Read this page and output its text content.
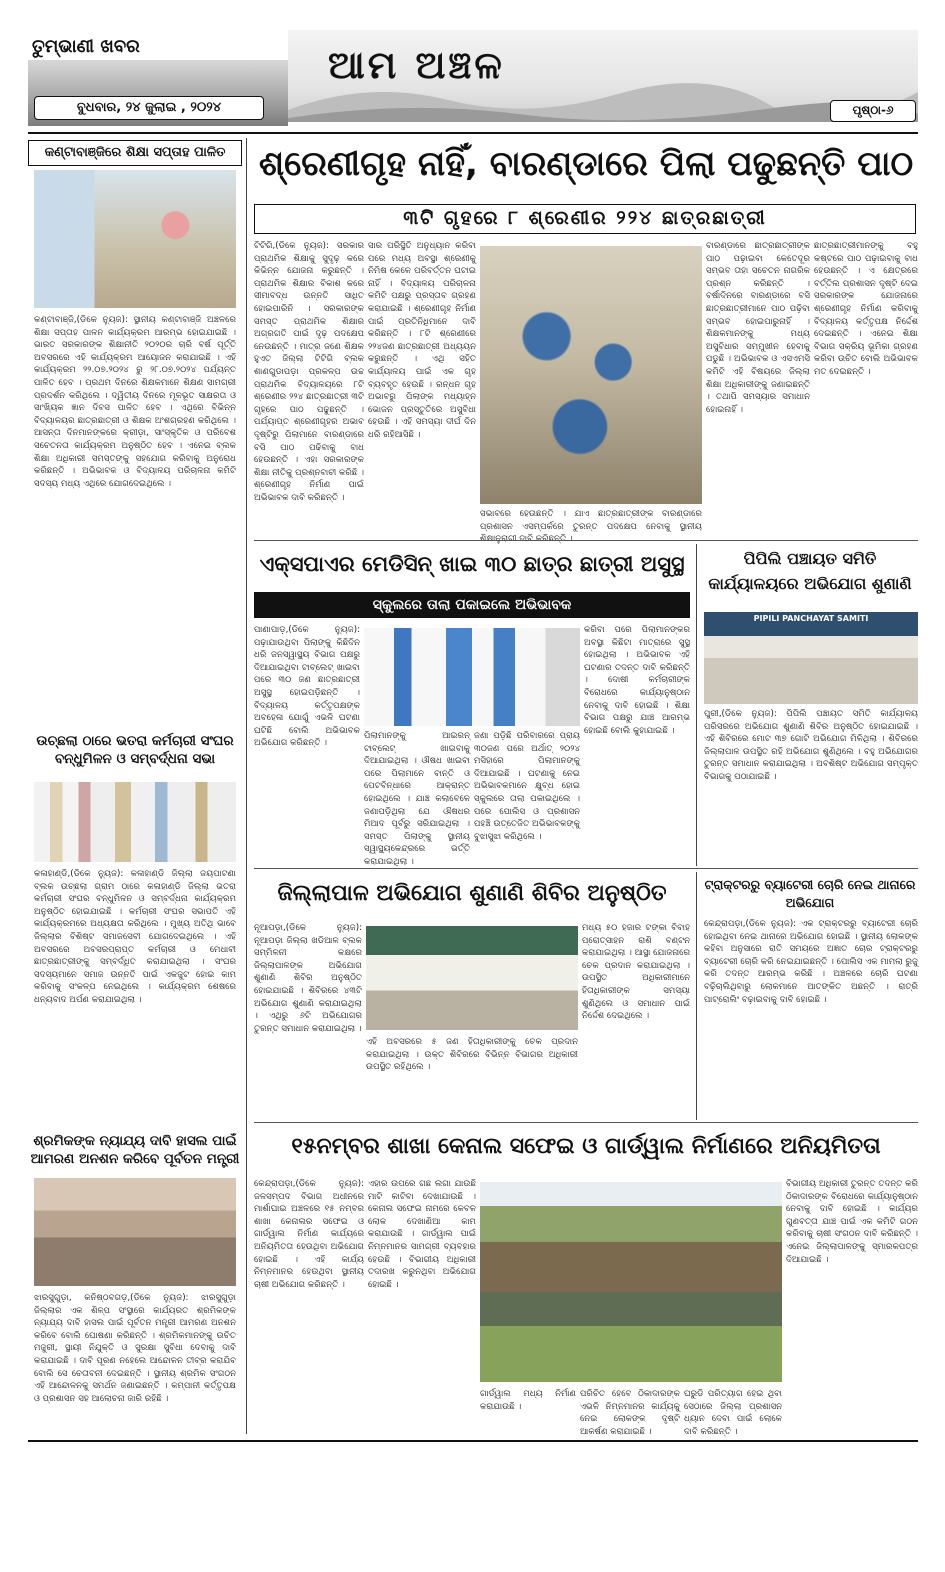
ତୁମ୍ଭାଣୀ ଖବର
ବୁଧବାର, ୨୪ ଜୁଲାଇ , ୨୦୨୪
ଆମ ଅଞ୍ଚଳ
ପୃଷ୍ଠା-୬
କଣ୍ଟାବାଞ୍ଜିରେ ଶିକ୍ଷା ସପ୍ତାହ ପାଳିତ
କଣ୍ଟାବାଞ୍ଜି,(ଡିକେ ନ୍ୟୁଜ): ସ୍ଥାନୀୟ କଣ୍ଟାବାଞ୍ଜି ଅଞ୍ଚଳରେ ଶିକ୍ଷା ସପ୍ତାହ ପାଳନ କାର୍ଯ୍ୟକ୍ରମ ଆରମ୍ଭ ହୋଇଯାଇଛି । ଭାରତ ସରକାରଙ୍କ ଶିକ୍ଷାନୀତି ୨୦୨୦ର ଚାରି ବର୍ଷ ପୂର୍ତ୍ତି ଅବସରରେ ଏହି କାର୍ଯ୍ୟକ୍ରମ ଆୟୋଜନ କରାଯାଇଛି । ଏହି କାର୍ଯ୍ୟକ୍ରମ ୨୨.୦୭.୨୦୨୪ ରୁ ୨୮.୦୭.୨୦୨୪ ପର୍ଯ୍ୟନ୍ତ ପାଳିତ ହେବ । ପ୍ରଥମ ଦିନରେ ଶିକ୍ଷକମାନେ ଶିକ୍ଷଣ ସାମଗ୍ରୀ ପ୍ରଦର୍ଶନ କରିଥିଲେ । ଦ୍ୱିତୀୟ ଦିନରେ ମୂଳଭୂତ ସାକ୍ଷରତା ଓ ସାଂଖ୍ୟିକ ଜ୍ଞାନ ଦିବସ ପାଳିତ ହେବ । ଏଥିରେ ବିଭିନ୍ନ ବିଦ୍ୟାଳୟର ଛାତ୍ରଛାତ୍ରୀ ଓ ଶିକ୍ଷକ ଅଂଶଗ୍ରହଣ କରିଥିଲେ । ଆସନ୍ତା ଦିନମାନଙ୍କରେ କ୍ରୀଡ଼ା, ସାଂସ୍କୃତିକ ଓ ପରିବେଶ ସଚେତନତା କାର୍ଯ୍ୟକ୍ରମ ଅନୁଷ୍ଠିତ ହେବ । ଏନେଇ ବ୍ଲକ ଶିକ୍ଷା ଅଧିକାରୀ ସମସ୍ତଙ୍କୁ ସହଯୋଗ କରିବାକୁ ଅନୁରୋଧ କରିଛନ୍ତି । ଅଭିଭାବକ ଓ ବିଦ୍ୟାଳୟ ପରିଚାଳନା କମିଟି ସଦସ୍ୟ ମଧ୍ୟ ଏଥିରେ ଯୋଗଦେଇଥିଲେ ।
ଉଚ୍ଛଲା ଠାରେ ଭତରା କର୍ମଚାରୀ ସଂଘର ବନ୍ଧୁମିଳନ ଓ ସମ୍ବର୍ଦ୍ଧନା ସଭା
କଳାହାଣ୍ଡି,(ଡିକେ ନ୍ୟୁଜ): କଳାହାଣ୍ଡି ଜିଲ୍ଲା ଜୟପାଟଣା ବ୍ଲକ ଉଚ୍ଛଲା ଗ୍ରାମ ଠାରେ କଳାହାଣ୍ଡି ଜିଲ୍ଲା ଭତରା କର୍ମଚାରୀ ସଂଘର ବନ୍ଧୁମିଳନ ଓ ସମ୍ବର୍ଦ୍ଧନା କାର୍ଯ୍ୟକ୍ରମ ଅନୁଷ୍ଠିତ ହୋଇଯାଇଛି । କର୍ମଚାରୀ ସଂଘର ସଭାପତି ଏହି କାର୍ଯ୍ୟକ୍ରମରେ ଅଧ୍ୟକ୍ଷତା କରିଥିଲେ । ମୁଖ୍ୟ ଅତିଥି ଭାବେ ଜିଲ୍ଲାର ବିଶିଷ୍ଟ ସମାଜସେବୀ ଯୋଗଦେଇଥିଲେ । ଏହି ଅବସରରେ ଅବସରପ୍ରାପ୍ତ କର୍ମଚାରୀ ଓ ମେଧାବୀ ଛାତ୍ରଛାତ୍ରୀଙ୍କୁ ସମ୍ବର୍ଦ୍ଧିତ କରାଯାଇଥିଲା । ସଂଘର ସଦସ୍ୟମାନେ ସମାଜ ଉନ୍ନତି ପାଇଁ ଏକଜୁଟ ହୋଇ କାମ କରିବାକୁ ସଂକଳ୍ପ ନେଇଥିଲେ । କାର୍ଯ୍ୟକ୍ରମ ଶେଷରେ ଧନ୍ୟବାଦ ଅର୍ପଣ କରାଯାଇଥିଲା ।
ଶ୍ରମିକଙ୍କ ନ୍ୟାଯ୍ୟ ଦାବି ହାସଲ ପାଇଁ ଆମରଣ ଅନଶନ କରିବେ ପୂର୍ବତନ ମନ୍ତ୍ରୀ
ଝାରସୁଗୁଡ଼ା, କନିଷ୍ଠବଗଡ଼,(ଡିକେ ନ୍ୟୁଜ): ଝାରସୁଗୁଡ଼ା ଜିଲ୍ଲାର ଏକ ଶିଳ୍ପ ସଂସ୍ଥାରେ କାର୍ଯ୍ୟରତ ଶ୍ରମିକଙ୍କ ନ୍ୟାଯ୍ୟ ଦାବି ହାସଲ ପାଇଁ ପୂର୍ବତନ ମନ୍ତ୍ରୀ ଆମରଣ ଅନଶନ କରିବେ ବୋଲି ଘୋଷଣା କରିଛନ୍ତି । ଶ୍ରମିକମାନଙ୍କୁ ଉଚିତ ମଜୁରୀ, ସ୍ଥାୟୀ ନିଯୁକ୍ତି ଓ ସୁରକ୍ଷା ସୁବିଧା ଦେବାକୁ ଦାବି କରାଯାଇଛି । ଦାବି ପୂରଣ ନହେଲେ ଆନ୍ଦୋଳନ ତୀବ୍ର କରାଯିବ ବୋଲି ସେ ଚେତାବନୀ ଦେଇଛନ୍ତି । ସ୍ଥାନୀୟ ଶ୍ରମିକ ସଂଗଠନ ଏହି ଆନ୍ଦୋଳନକୁ ସମର୍ଥନ ଜଣାଇଛନ୍ତି । କମ୍ପାନୀ କର୍ତ୍ତୃପକ୍ଷ ଓ ପ୍ରଶାସନ ସହ ଆଲୋଚନା ଜାରି ରହିଛି ।
ଶ୍ରେଣୀଗୃହ ନାହିଁ, ବାରଣ୍ଡାରେ ପିଲା ପଢୁଛନ୍ତି ପାଠ
୩ଟି ଗୃହରେ ୮ ଶ୍ରେଣୀର ୨୨୪ ଛାତ୍ରଛାତ୍ରୀ
ଟିଟିଗି,(ଡିକେ ନ୍ୟୁଜ): ସରକାର ପ୍ରାଥମିକ ଶିକ୍ଷାକୁ ସୁଦୃଢ଼ କରେ କିଭିନ୍ନ ଯୋଜନା କରୁଛନ୍ତି । ପ୍ରାଥମିକ ଶିକ୍ଷାର ବିକାଶ କରେ ସୀମାବଦ୍ଧ ଉନ୍ନତି ସାଧିତ ହୋଇପାରିନି । ସରକାରଙ୍କ ସମସ୍ତ ପ୍ରାଥମିକ ଶିକ୍ଷାର ଅଗ୍ରଗତି ପାଇଁ ଦୃଢ଼ ପଦକ୍ଷେପ ନେଉଛନ୍ତି । ମାତ୍ର ଜଣେ ଶିକ୍ଷକ ହୁଏତ ଜିଲ୍ଲା ଟିଟିଗି ବ୍ଲକ ଶାଣଗୁଡାପଡ଼ା ପ୍ରକଳ୍ପ ଉଚ୍ଚ ପ୍ରାଥମିକ ବିଦ୍ୟାଳୟରେ ୮ଟି ଶ୍ରେଣୀର ୨୨୪ ଛାତ୍ରଛାତ୍ରୀ ୩ଟି ଗୃହରେ ପାଠ ପଢୁଛନ୍ତି । ପର୍ଯ୍ୟାପ୍ତ ଶ୍ରେଣୀଗୃହର ଅଭାବ ଦୃଷ୍ଟିରୁ ପିଲାମାନେ ବାରଣ୍ଡାରେ ବସି ପାଠ ପଢିବାକୁ ବାଧ ହେଉଛନ୍ତି । ଏହା ସରକାରଙ୍କ ଶିକ୍ଷା ନୀତିକୁ ପ୍ରଶ୍ନବାଚୀ କରିଛି । ଶ୍ରେଣୀଗୃହ ନିର୍ମାଣ ପାଇଁ ଅଭିଭାବକ ଦାବି କରିଛନ୍ତି ।
ସାର ପରିସ୍ଥିତି ଅନୁଧ୍ୟାନ କରିବା ପରେ ମଧ୍ୟ ଅବସ୍ଥା ଶ୍ରେଣୀକୁ ନିମିଷ କେଳେ ପରିବର୍ତ୍ତନ ଘଟାଇ ନାହିଁ । ବିଦ୍ୟାଳୟ ପରିଚାଳନା କମିଟି ପକ୍ଷରୁ ପ୍ରସ୍ତାବ ଗ୍ରହଣ କରାଯାଇଛି । ଶ୍ରେଣୀଗୃହ ନିର୍ମାଣ ପାଇଁ ପ୍ରତିନିଧିମାନେ ଦାବି କରିଛନ୍ତି । ୮ଟି ଶ୍ରେଣୀରେ ୨୨୪ଜଣ ଛାତ୍ରଛାତ୍ରୀ ଅଧ୍ୟୟନ କରୁଛନ୍ତି । ଏଥି ସହିତ କାର୍ଯ୍ୟାଳୟ ପାଇଁ ଏକ ଗୃହ ବ୍ୟବହୃତ ହେଉଛି । ରନ୍ଧନ ଗୃହ ଅଭାବରୁ ପିଲାଙ୍କ ମଧ୍ୟାହ୍ନ ଭୋଜନ ପ୍ରସ୍ତୁତିରେ ଅସୁବିଧା ହେଉଛି । ଏହି ସମସ୍ୟା ଦୀର୍ଘ ଦିନ ଧରି ରହିଆସିଛି ।
ସଭାବରେ ହେଉଛନ୍ତି । ଯାଏ ଛାତ୍ରଛାତ୍ରୀଙ୍କ ବାରଣ୍ଡାରେ ପ୍ରଶାସନ ଏସମ୍ପର୍କରେ ତୁରନ୍ତ ପଦକ୍ଷେପ ନେବାକୁ ସ୍ଥାନୀୟ
ବାରଣ୍ଡାରେ ଛାତ୍ରଛାତ୍ରୀଙ୍କ ପାଠ ପଢ଼ାଇବା କେତେଦୂର ସମ୍ଭବ ତାହା ସଚେତନ ନାଗରିକ ପ୍ରଶ୍ନ କରିଛନ୍ତି । ବର୍ଷାଦିନରେ ବାରଣ୍ଡାରେ ବସି ଛାତ୍ରଛାତ୍ରୀମାନେ ପାଠ ପଢ଼ିବା ସମ୍ଭବ ହୋଇପାରୁନାହିଁ । ଶିକ୍ଷକମାନଙ୍କୁ ମଧ୍ୟ ଅସୁବିଧାର ସମ୍ମୁଖୀନ ହେବାକୁ ପଡୁଛି । ଅଭିଭାବକ ଓ ଏସଏମସି କମିଟି ଏହି ବିଷୟରେ ଜିଲ୍ଲା ଶିକ୍ଷା ଅଧିକାରୀଙ୍କୁ ଜଣାଇଛନ୍ତି । ତଥାପି ସମସ୍ୟାର ସମାଧାନ ହୋଇନାହିଁ ।
ଛାତ୍ରଛାତ୍ରୀମାନଙ୍କୁ ବହୁ କଷ୍ଟରେ ପାଠ ପଢ଼ାଇବାକୁ ବାଧ ହେଉଛନ୍ତି । ଏ କ୍ଷେତ୍ରରେ ବର୍ତ୍ତିଲ ପ୍ରଶାସନ ଦୃଷ୍ଟି ଦେଇ ସରକାରଙ୍କ ଯୋଜନାରେ ଶ୍ରେଣୀଗୃହ ନିର୍ମାଣ କରିବାକୁ ବିଦ୍ୟାଳୟ କର୍ତ୍ତୃପକ୍ଷ ନିର୍ଦ୍ଦେଶ ଦେଇଛନ୍ତି । ଏନେଇ ଶିକ୍ଷା ବିଭାଗ ସକ୍ରିୟ ଭୂମିକା ଗ୍ରହଣ କରିବା ଉଚିତ ବୋଲି ଅଭିଭାବକ ମତ ଦେଇଛନ୍ତି ।
ଏକ୍ସପାଏର ମେଡିସିନ୍ ଖାଇ ୩୦ ଛାତ୍ର ଛାତ୍ରୀ ଅସୁସ୍ଥ
ସ୍କୁଲରେ ତାଲା ପକାଇଲେ ଅଭିଭାବକ
ପାଣାପାଡ଼,(ଡିକେ ନ୍ୟୁଜ): ପଢ଼ାଯାଉଥିବା ପିଲାଙ୍କୁ କିଛିଦିନ ଧରି ଜନସ୍ୱାସ୍ଥ୍ୟ ବିଭାଗ ପକ୍ଷରୁ ଦିଆଯାଇଥିବା ଟାବ୍ଲେଟ୍ ଖାଇବା ପରେ ୩୦ ଜଣ ଛାତ୍ରଛାତ୍ରୀ ଅସୁସ୍ଥ ହୋଇପଡ଼ିଛନ୍ତି । ବିଦ୍ୟାଳୟ କର୍ତ୍ତୃପକ୍ଷଙ୍କ ଅବହେଳା ଯୋଗୁଁ ଏଭଳି ଘଟଣା ଘଟିଛି ବୋଲି ଅଭିଭାବକ ଅଭିଯୋଗ କରିଛନ୍ତି ।
ପିଲାମାନଙ୍କୁ ଆଇରନ୍ ଟାବ୍ଲେଟ୍ ଖାଇବାକୁ ଦିଆଯାଇଥିଲା । ଔଷଧ ଖାଇବା ପରେ ପିଲାମାନେ ବାନ୍ତି ଓ ପେଟବିନ୍ଧାରେ ଆକ୍ରାନ୍ତ ହୋଇଥିଲେ । ଯାଞ୍ଚ କଲାବେଳେ ଜଣାପଡ଼ିଥିଲା ଯେ ଔଷଧର ମିଆଦ ପୂର୍ବରୁ ସରିଯାଇଥିଲା । ସମସ୍ତ ପିଲାଙ୍କୁ ସ୍ଥାନୀୟ ସ୍ୱାସ୍ଥ୍ୟକେନ୍ଦ୍ରରେ ଭର୍ତ୍ତି କରାଯାଇଥିଲା ।
ଜଣା ପଡ଼ିଛି ପରିବାରରେ ପ୍ରାୟ ୩୦ଜଣ ପରେ ଅର୍ଥାତ୍ ୨୦୨୪ ମସିହାରେ ପିଲାମାନଙ୍କୁ ଦିଆଯାଇଛି । ଘଟଣାକୁ ନେଇ ଅଭିଭାବକମାନେ କ୍ଷୁବ୍ଧ ହୋଇ ସ୍କୁଲରେ ତାଲା ପକାଇଥିଲେ । ପରେ ପୋଲିସ ଓ ପ୍ରଶାସନ ପହଞ୍ଚି ଉତ୍ତେଜିତ ଅଭିଭାବକଙ୍କୁ ବୁଝାସୁଝା କରିଥିଲେ ।
କରିବା ପରେ ପିଲାମାନଙ୍କର ଅବସ୍ଥା କିଛିଟା ମାତ୍ରାରେ ସୁସ୍ଥ ହୋଇଥିଲା । ଅଭିଭାବକ ଏହି ଘଟଣାର ତଦନ୍ତ ଦାବି କରିଛନ୍ତି । ଦୋଷୀ କର୍ମଚାରୀଙ୍କ ବିରୋଧରେ କାର୍ଯ୍ୟାନୁଷ୍ଠାନ ନେବାକୁ ଦାବି ହୋଇଛି । ଶିକ୍ଷା ବିଭାଗ ପକ୍ଷରୁ ଯାଞ୍ଚ ଆରମ୍ଭ ହୋଇଛି ବୋଲି କୁହାଯାଇଛି ।
ପିପିଲି ପଞ୍ଚାୟତ ସମିତି କାର୍ଯ୍ୟାଳୟରେ ଅଭିଯୋଗ ଶୁଣାଣି
PIPILI PANCHAYAT SAMITI
ପୁରୀ,(ଡିକେ ନ୍ୟୁଜ): ପିପିଲି ପଞ୍ଚାୟତ ସମିତି କାର୍ଯ୍ୟାଳୟ ପରିସରରେ ଅଭିଯୋଗ ଶୁଣାଣି ଶିବିର ଅନୁଷ୍ଠିତ ହୋଇଯାଇଛି । ଏହି ଶିବିରରେ ମୋଟ ୩୭ ଗୋଟି ଅଭିଯୋଗ ମିଳିଥିଲା । ଶିବିରରେ ଜିଲ୍ଲାପାଳ ଉପସ୍ଥିତ ରହି ଅଭିଯୋଗ ଶୁଣିଥିଲେ । ବହୁ ଅଭିଯୋଗର ତୁରନ୍ତ ସମାଧାନ କରାଯାଇଥିଲା । ଅବଶିଷ୍ଟ ଅଭିଯୋଗ ସମ୍ପୃକ୍ତ ବିଭାଗକୁ ପଠାଯାଇଛି ।
ଜିଲ୍ଲାପାଳ ଅଭିଯୋଗ ଶୁଣାଣି ଶିବିର ଅନୁଷ୍ଠିତ
ନୂଆପଡ଼ା,(ଡିକେ ନ୍ୟୁଜ): ନୂଆପଡ଼ା ଜିଲ୍ଲା ଖଡିଆଳ ବ୍ଲକ ସମ୍ମିଳନୀ କକ୍ଷରେ ଜିଲ୍ଲାପାଳଙ୍କ ଅଭିଯୋଗ ଶୁଣାଣି ଶିବିର ଅନୁଷ୍ଠିତ ହୋଇଯାଇଛି । ଶିବିରରେ ୪୩ଟି ଅଭିଯୋଗ ଶୁଣାଣି କରାଯାଇଥିଲା । ଏଥିରୁ ୬ଟି ଅଭିଯୋଗର ତୁରନ୍ତ ସମାଧାନ କରାଯାଇଥିଲା ।
ଏହି ଅବସରରେ ୫ ଜଣ ହିତାଧିକାରୀଙ୍କୁ ଚେକ ପ୍ରଦାନ କରାଯାଇଥିଲା । ଉକ୍ତ ଶିବିରରେ ବିଭିନ୍ନ ବିଭାଗର ଅଧିକାରୀ ଉପସ୍ଥିତ ରହିଥିଲେ ।
ମଧ୍ୟ ୫୦ ହଜାର ଟଙ୍କା ବିବାହ ପ୍ରୋତ୍ସାହନ ରାଶି ବଣ୍ଟନ କରାଯାଇଥିଲା । ଆସ୍ଥା ଯୋଜନାରେ ଚେକ ପ୍ରଦାନ କରାଯାଇଥିଲା । ଉପସ୍ଥିତ ଅଧିକାରୀମାନେ ହିତାଧିକାରୀଙ୍କ ସମସ୍ୟା ଶୁଣିଥିଲେ ଓ ସମାଧାନ ପାଇଁ ନିର୍ଦ୍ଦେଶ ଦେଇଥିଲେ ।
ଟ୍ରାକ୍ଟରରୁ ବ୍ୟାଟେରୀ ଚୋରି ନେଇ ଥାନାରେ ଅଭିଯୋଗ
କେନ୍ଦ୍ରାପଡ଼ା,(ଡିକେ ନ୍ୟୁଜ): ଏକ ଟ୍ରାକ୍ଟରରୁ ବ୍ୟାଟେରୀ ଚୋରି ହୋଇଥିବା ନେଇ ଥାନାରେ ଅଭିଯୋଗ ହୋଇଛି । ସ୍ଥାନୀୟ ଲୋକଙ୍କ କହିବା ଅନୁସାରେ ରାତି ସମୟରେ ଅଜ୍ଞାତ ଚୋର ଟ୍ରାକ୍ଟରରୁ ବ୍ୟାଟେରୀ ଚୋରି କରି ନେଇଯାଇଛନ୍ତି । ପୋଲିସ ଏକ ମାମଲା ରୁଜୁ କରି ତଦନ୍ତ ଆରମ୍ଭ କରିଛି । ଅଞ୍ଚଳରେ ଚୋରି ଘଟଣା ବଢ଼ିଚାଲିଥିବାରୁ ଲୋକମାନେ ଆତଙ୍କିତ ଅଛନ୍ତି । ରାତ୍ରି ପାଟ୍ରୋଲିଂ ବଢ଼ାଇବାକୁ ଦାବି ହୋଇଛି ।
୧୫ନମ୍ବର ଶାଖା କେନାଲ ସଫେଇ ଓ ଗାର୍ଡ୍‌ୱାଲ ନିର୍ମାଣରେ ଅନିୟମିତତା
କେନ୍ଦ୍ରାପଡ଼ା,(ଡିକେ ନ୍ୟୁଜ): ଜଳସମ୍ପଦ ବିଭାଗ ଅଧୀନରେ ମାର୍ଶାଘାଇ ଅଞ୍ଚଳରେ ୧୫ ନମ୍ବର ଶାଖା କେନାଲର ସଫେଇ ଓ ଗାର୍ଡ୍‌ୱାଲ ନିର୍ମାଣ କାର୍ଯ୍ୟରେ ଅନିୟମିତତା ହେଉଥିବା ଅଭିଯୋଗ ହୋଇଛି । ଏହି କାର୍ଯ୍ୟ ନିମ୍ନମାନର ହେଉଥିବା ସ୍ଥାନୀୟ ଚାଷୀ ଅଭିଯୋଗ କରିଛନ୍ତି ।
ଏହାର ଉପରେ ଗଛ ଲଗା ଯାଉଛି ମାଟି କାଟିବା ଦେଖାଯାଉଛି । କେନାଲ ସଫେଇ ନାମରେ କେବଳ ଲୋକ ଦେଖାଣିଆ କାମ କରାଯାଉଛି । ଗାର୍ଡ୍‌ୱାଲ ପାଇଁ ନିମ୍ନମାନର ସାମଗ୍ରୀ ବ୍ୟବହାର ହେଉଛି । ବିଭାଗୀୟ ଅଧିକାରୀ ତଦାରଖ କରୁନଥିବା ଅଭିଯୋଗ ହୋଇଛି ।
ଗାର୍ଡ୍‌ୱାଲ ମଧ୍ୟ ନିର୍ମାଣ କରାଯାଉଛି ।
ପରିଚିତ ହେବେ ଠିକାଦାରଙ୍କ ଏଭଳି ନିମ୍ନମାନର କାର୍ଯ୍ୟକୁ ନେଇ ଲୋକଙ୍କ ଦୃଷ୍ଟି ଆକର୍ଷଣ କରାଯାଇଛି ।
ଘରୁଡି ପରିତ୍ୟାଗ ହେଇ ଥିବା ସେଠାରେ ଜିଲ୍ଲା ପ୍ରଶାସନ ଧ୍ୟାନ ଦେବା ପାଇଁ ଲୋକେ ଦାବି କରିଛନ୍ତି ।
ବିଭାଗୀୟ ଅଧିକାରୀ ତୁରନ୍ତ ତଦନ୍ତ କରି ଠିକାଦାରଙ୍କ ବିରୋଧରେ କାର୍ଯ୍ୟାନୁଷ୍ଠାନ ନେବାକୁ ଦାବି ହୋଇଛି । କାର୍ଯ୍ୟର ଗୁଣବତ୍ତା ଯାଞ୍ଚ ପାଇଁ ଏକ କମିଟି ଗଠନ କରିବାକୁ ଚାଷୀ ସଂଗଠନ ଦାବି କରିଛନ୍ତି । ଏନେଇ ଜିଲ୍ଲାପାଳଙ୍କୁ ସ୍ମାରକପତ୍ର ଦିଆଯାଇଛି ।
